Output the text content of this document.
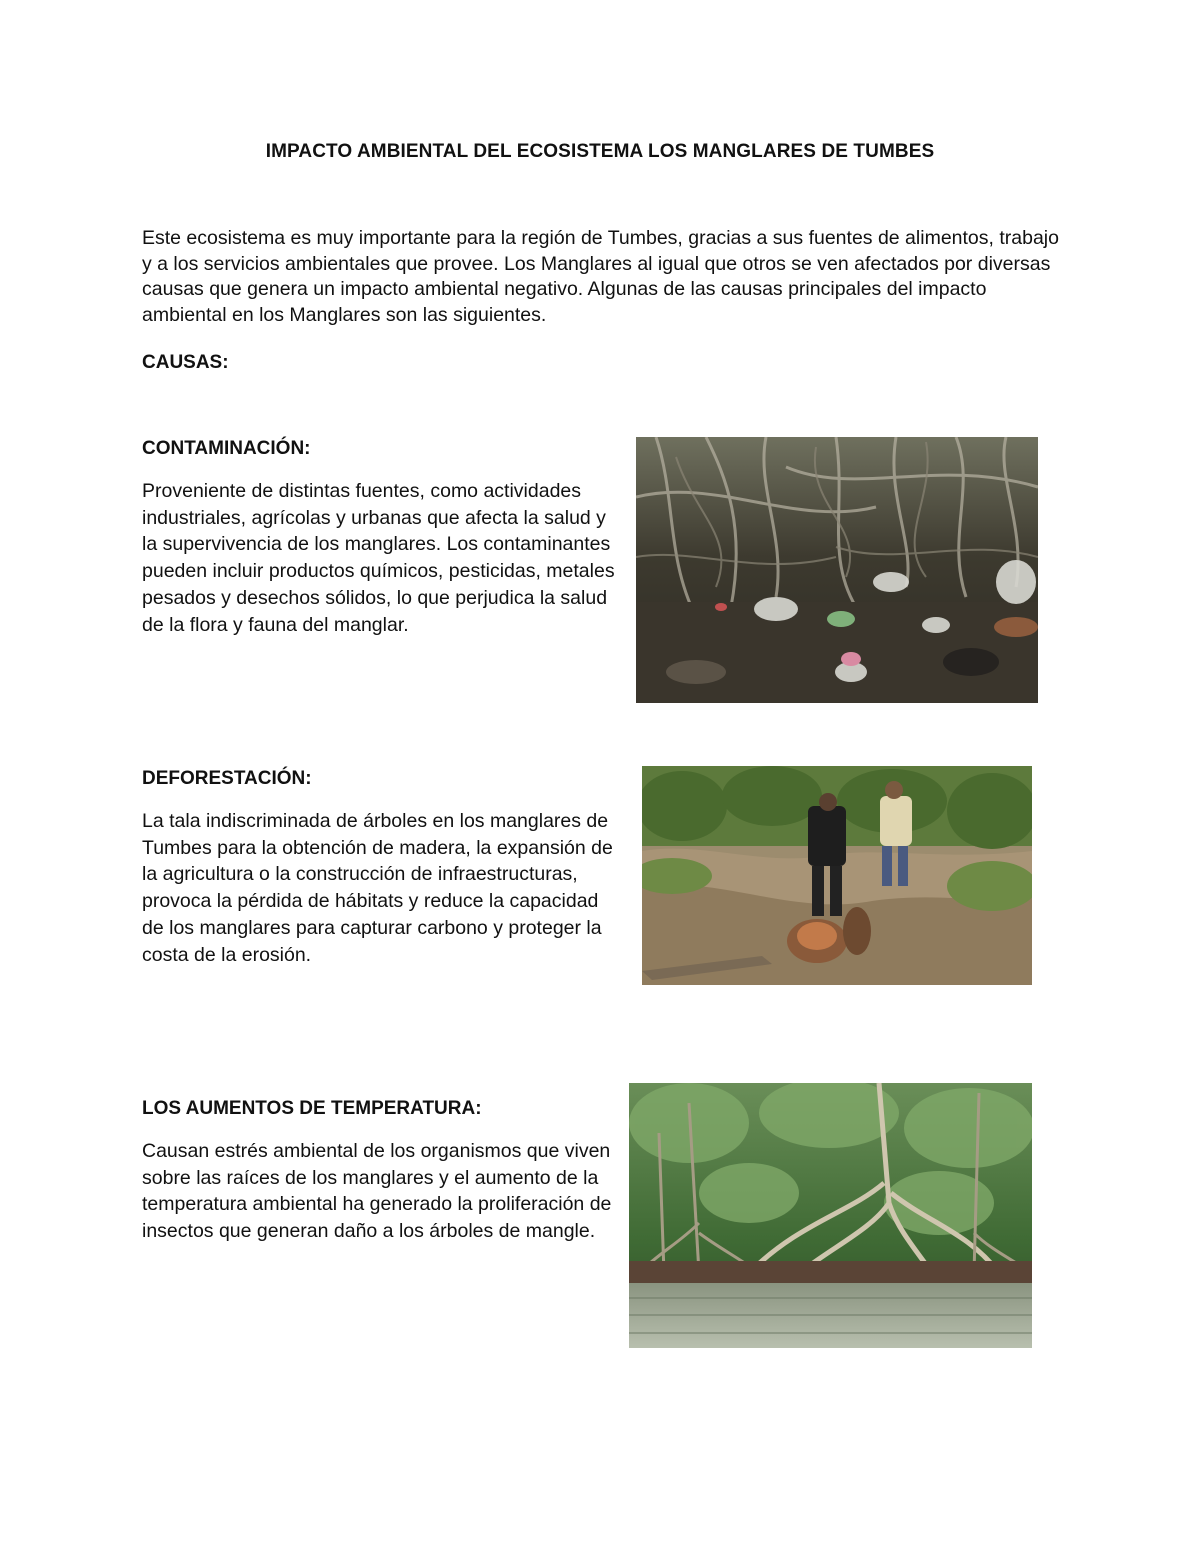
IMPACTO AMBIENTAL DEL ECOSISTEMA LOS MANGLARES DE TUMBES
Este ecosistema es muy importante para la región de Tumbes, gracias a sus fuentes de alimentos, trabajo y a los servicios ambientales que provee. Los Manglares al igual que otros se ven afectados por diversas causas que genera un impacto ambiental negativo. Algunas de las causas principales del impacto ambiental en los Manglares son las siguientes.
CAUSAS:
CONTAMINACIÓN:
Proveniente de distintas fuentes, como actividades industriales, agrícolas y urbanas que afecta la salud y la supervivencia de los manglares. Los contaminantes pueden incluir productos químicos, pesticidas, metales pesados y desechos sólidos, lo que perjudica la salud de la flora y fauna del manglar.
DEFORESTACIÓN:
La tala indiscriminada de árboles en los manglares de Tumbes para la obtención de madera, la expansión de la agricultura o la construcción de infraestructuras, provoca la pérdida de hábitats y reduce la capacidad de los manglares para capturar carbono y proteger la costa de la erosión.
LOS AUMENTOS DE TEMPERATURA:
Causan estrés ambiental de los organismos que viven sobre las raíces de los manglares y el aumento de la temperatura ambiental ha generado la proliferación de insectos que generan daño a los árboles de mangle.
